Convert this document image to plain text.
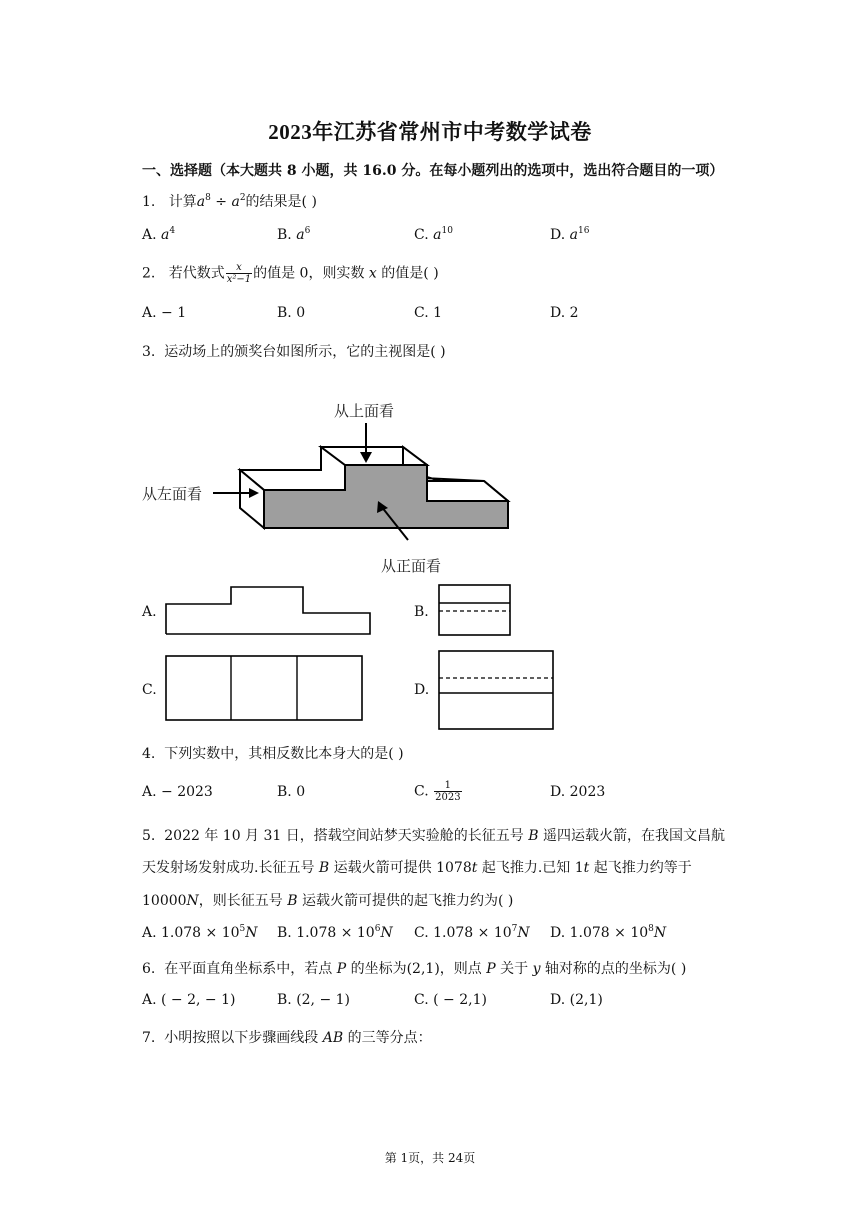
2023年江苏省常州市中考数学试卷
一、选择题（本大题共 8 小题，共 16.0 分。在每小题列出的选项中，选出符合题目的一项）
1. 计算$a^8 \div a^2$的结果是( )
A. $a^4$	B. $a^6$	C. $a^{10}$	D. $a^{16}$
2. 若代数式 $\frac{x}{\text{x²−1}}$ 的值是 0，则实数 x 的值是( )
A. − 1	B. 0	C. 1	D. 2
3. 运动场上的颁奖台如图所示，它的主视图是( )
从上面看
从左面看
从正面看
A.	B.
C.	D.
4. 下列实数中，其相反数比本身大的是( )
A. − 2023	B. 0	C. $\frac{1}{2023}$	D. 2023
5. 2022 年 10 月 31 日，搭载空间站梦天实验舱的长征五号 B 遥四运载火箭，在我国文昌航
天发射场发射成功.长征五号 B 运载火箭可提供 1078t 起飞推力.已知 1t 起飞推力约等于
10000N，则长征五号 B 运载火箭可提供的起飞推力约为( )
A. $1.078 \times 10^5N$ B. $1.078 \times 10^6N$ C. $1.078 \times 10^7N$ D. $1.078 \times 10^8N$
6. 在平面直角坐标系中，若点 P 的坐标为(2,1)，则点 P 关于 y 轴对称的点的坐标为( )
A. ( − 2, − 1)	B. (2, − 1)	C. ( − 2,1)	D. (2,1)
7. 小明按照以下步骤画线段 AB 的三等分点：
第 1页，共 24页
